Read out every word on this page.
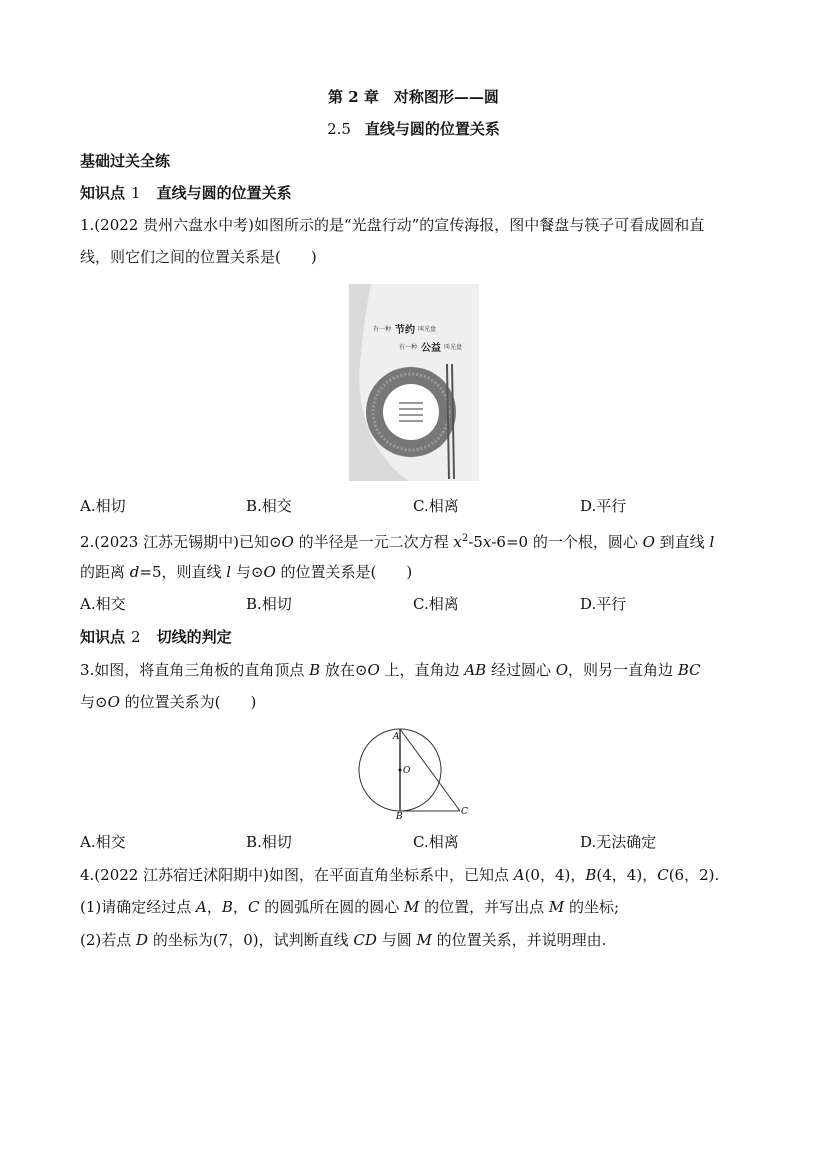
第 2 章　对称图形——圆
2.5 直线与圆的位置关系
基础过关全练
知识点 1 直线与圆的位置关系
1.(2022 贵州六盘水中考)如图所示的是“光盘行动”的宣传海报，图中餐盘与筷子可看成圆和直
线，则它们之间的位置关系是(　　)
有一种 节约 叫光盘
有一种 公益 叫光盘
A.相切	B.相交	C.相离	D.平行
2.(2023 江苏无锡期中)已知⊙O 的半径是一元二次方程 $x^2-5x-6=0$ 的一个根，圆心 O 到直线 l
的距离 d=5，则直线 l 与⊙O 的位置关系是(　　)
A.相交	B.相切	C.相离	D.平行
知识点 2 切线的判定
3.如图，将直角三角板的直角顶点 B 放在⊙O 上，直角边 AB 经过圆心 O，则另一直角边 BC
与⊙O 的位置关系为(　　)
A
O
B	C
A.相交	B.相切	C.相离	D.无法确定
4.(2022 江苏宿迁沭阳期中)如图，在平面直角坐标系中，已知点 A(0，4)，B(4，4)，C(6，2).
(1)请确定经过点 A，B，C 的圆弧所在圆的圆心 M 的位置，并写出点 M 的坐标;
(2)若点 D 的坐标为(7，0)，试判断直线 CD 与圆 M 的位置关系，并说明理由.
